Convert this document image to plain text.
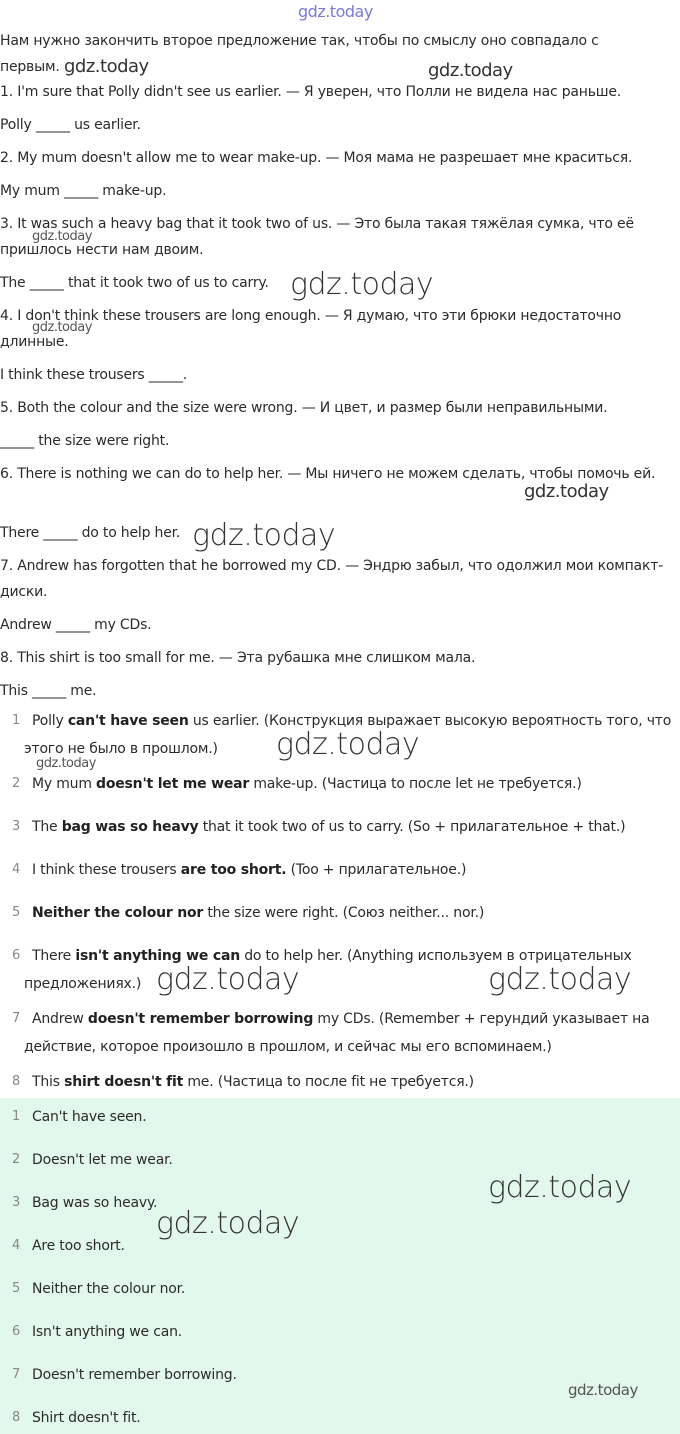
gdz.today
Нам нужно закончить второе предложение так, чтобы по смыслу оно совпадало с первым.
1. I'm sure that Polly didn't see us earlier. — Я уверен, что Полли не видела нас раньше.
Polly _____ us earlier.
2. My mum doesn't allow me to wear make-up. — Моя мама не разрешает мне краситься.
My mum _____ make-up.
3. It was such a heavy bag that it took two of us. — Это была такая тяжёлая сумка, что её пришлось нести нам двоим.
The _____ that it took two of us to carry.
4. I don't think these trousers are long enough. — Я думаю, что эти брюки недостаточно длинные.
I think these trousers _____.
5. Both the colour and the size were wrong. — И цвет, и размер были неправильными.
_____ the size were right.
6. There is nothing we can do to help her. — Мы ничего не можем сделать, чтобы помочь ей.
There _____ do to help her.
7. Andrew has forgotten that he borrowed my CD. — Эндрю забыл, что одолжил мои компакт-диски.
Andrew _____ my CDs.
8. This shirt is too small for me. — Эта рубашка мне слишком мала.
This _____ me.
1 Polly can't have seen us earlier. (Конструкция выражает высокую вероятность того, что этого не было в прошлом.)
2 My mum doesn't let me wear make-up. (Частица to после let не требуется.)
3 The bag was so heavy that it took two of us to carry. (So + прилагательное + that.)
4 I think these trousers are too short. (Too + прилагательное.)
5 Neither the colour nor the size were right. (Союз neither... nor.)
6 There isn't anything we can do to help her. (Anything используем в отрицательных предложениях.)
7 Andrew doesn't remember borrowing my CDs. (Remember + герундий указывает на действие, которое произошло в прошлом, и сейчас мы его вспоминаем.)
8 This shirt doesn't fit me. (Частица to после fit не требуется.)
1 Can't have seen.
2 Doesn't let me wear.
3 Bag was so heavy.
4 Are too short.
5 Neither the colour nor.
6 Isn't anything we can.
7 Doesn't remember borrowing.
8 Shirt doesn't fit.
gdz.today	gdz.today
gdz.today
gdz.today
gdz.today
gdz.today
gdz.today
gdz.today
gdz.today
gdz.today	gdz.today
gdz.today
gdz.today
gdz.today
